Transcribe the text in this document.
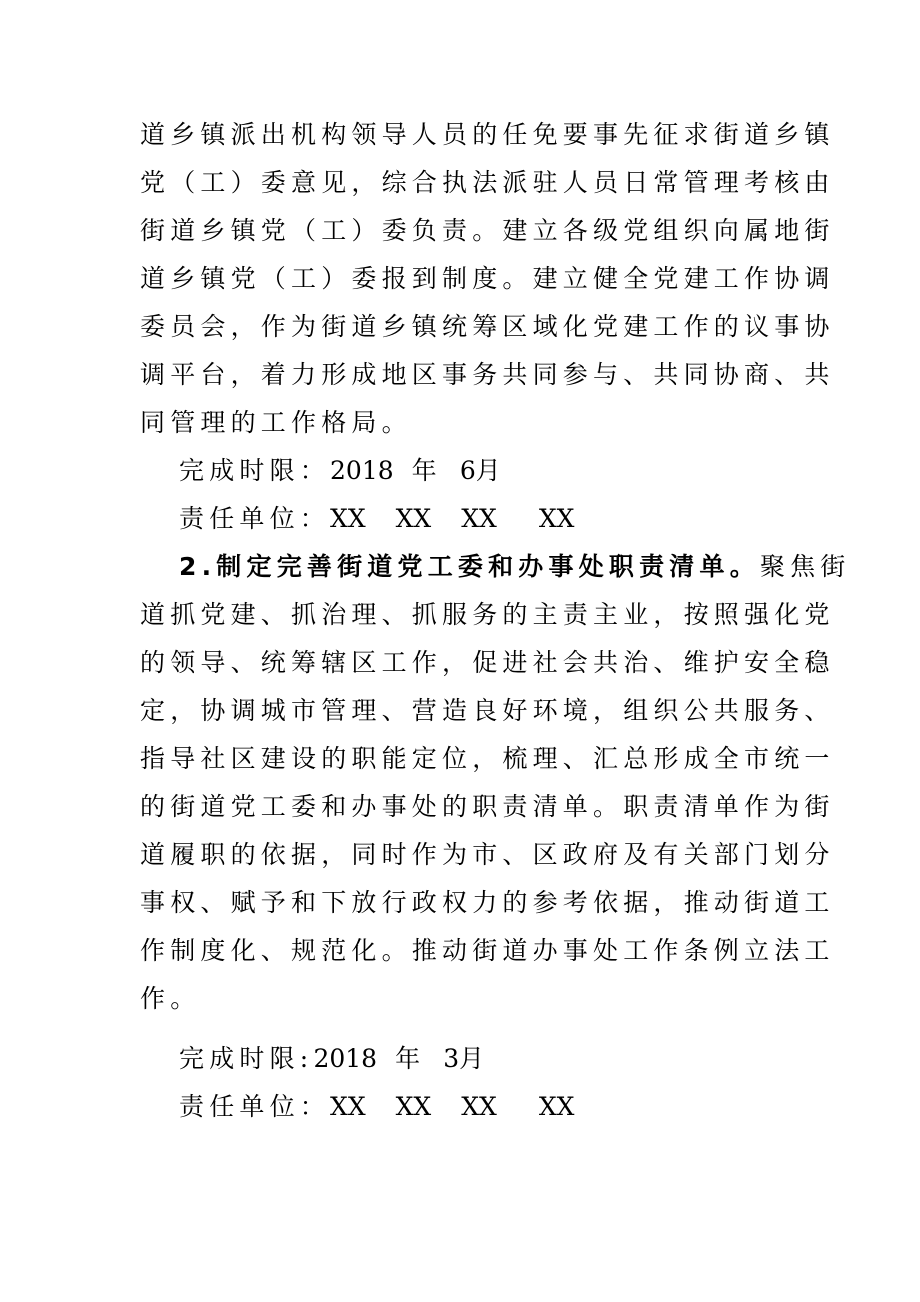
道乡镇派出机构领导人员的任免要事先征求街道乡镇
党（工）委意见，综合执法派驻人员日常管理考核由
街道乡镇党（工）委负责。建立各级党组织向属地街
道乡镇党（工）委报到制度。建立健全党建工作协调
委员会，作为街道乡镇统筹区域化党建工作的议事协
调平台，着力形成地区事务共同参与、共同协商、共
同管理的工作格局。
完成时限：2018 年 6月
责任单位：XX XX XX XX
2.制定完善街道党工委和办事处职责清单。聚焦街
道抓党建、抓治理、抓服务的主责主业，按照强化党
的领导、统筹辖区工作，促进社会共治、维护安全稳
定，协调城市管理、营造良好环境，组织公共服务、
指导社区建设的职能定位，梳理、汇总形成全市统一
的街道党工委和办事处的职责清单。职责清单作为街
道履职的依据，同时作为市、区政府及有关部门划分
事权、赋予和下放行政权力的参考依据，推动街道工
作制度化、规范化。推动街道办事处工作条例立法工
作。
完成时限:2018 年 3月
责任单位：XX XX XX XX
